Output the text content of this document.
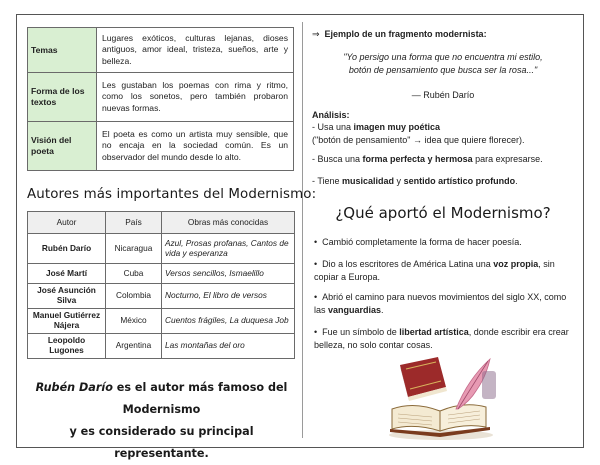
Temas	Lugares exóticos, culturas lejanas, dioses antiguos, amor ideal, tristeza, sueños, arte y belleza.
Forma de los textos	Les gustaban los poemas con rima y ritmo, como los sonetos, pero también probaron nuevas formas.
Visión del poeta	El poeta es como un artista muy sensible, que no encaja en la sociedad común. Es un observador del mundo desde lo alto.
Autores más importantes del Modernismo:
Autor	País	Obras más conocidas
Rubén Darío	Nicaragua	Azul, Prosas profanas, Cantos de vida y esperanza
José Martí	Cuba	Versos sencillos, Ismaelillo
José Asunción Silva	Colombia	Nocturno, El libro de versos
Manuel Gutiérrez Nájera	México	Cuentos frágiles, La duquesa Job
Leopoldo Lugones	Argentina	Las montañas del oro
Rubén Darío es el autor más famoso del Modernismo
y es considerado su principal representante.
⇒ Ejemplo de un fragmento modernista:
"Yo persigo una forma que no encuentra mi estilo,
botón de pensamiento que busca ser la rosa..."
— Rubén Darío
Análisis:
- Usa una imagen muy poética
("botón de pensamiento" → idea que quiere florecer).
- Busca una forma perfecta y hermosa para expresarse.
- Tiene musicalidad y sentido artístico profundo.
¿Qué aportó el Modernismo?
• Cambió completamente la forma de hacer poesía.
• Dio a los escritores de América Latina una voz propia, sin copiar a Europa.
• Abrió el camino para nuevos movimientos del siglo XX, como las vanguardias.
• Fue un símbolo de libertad artística, donde escribir era crear belleza, no solo contar cosas.
